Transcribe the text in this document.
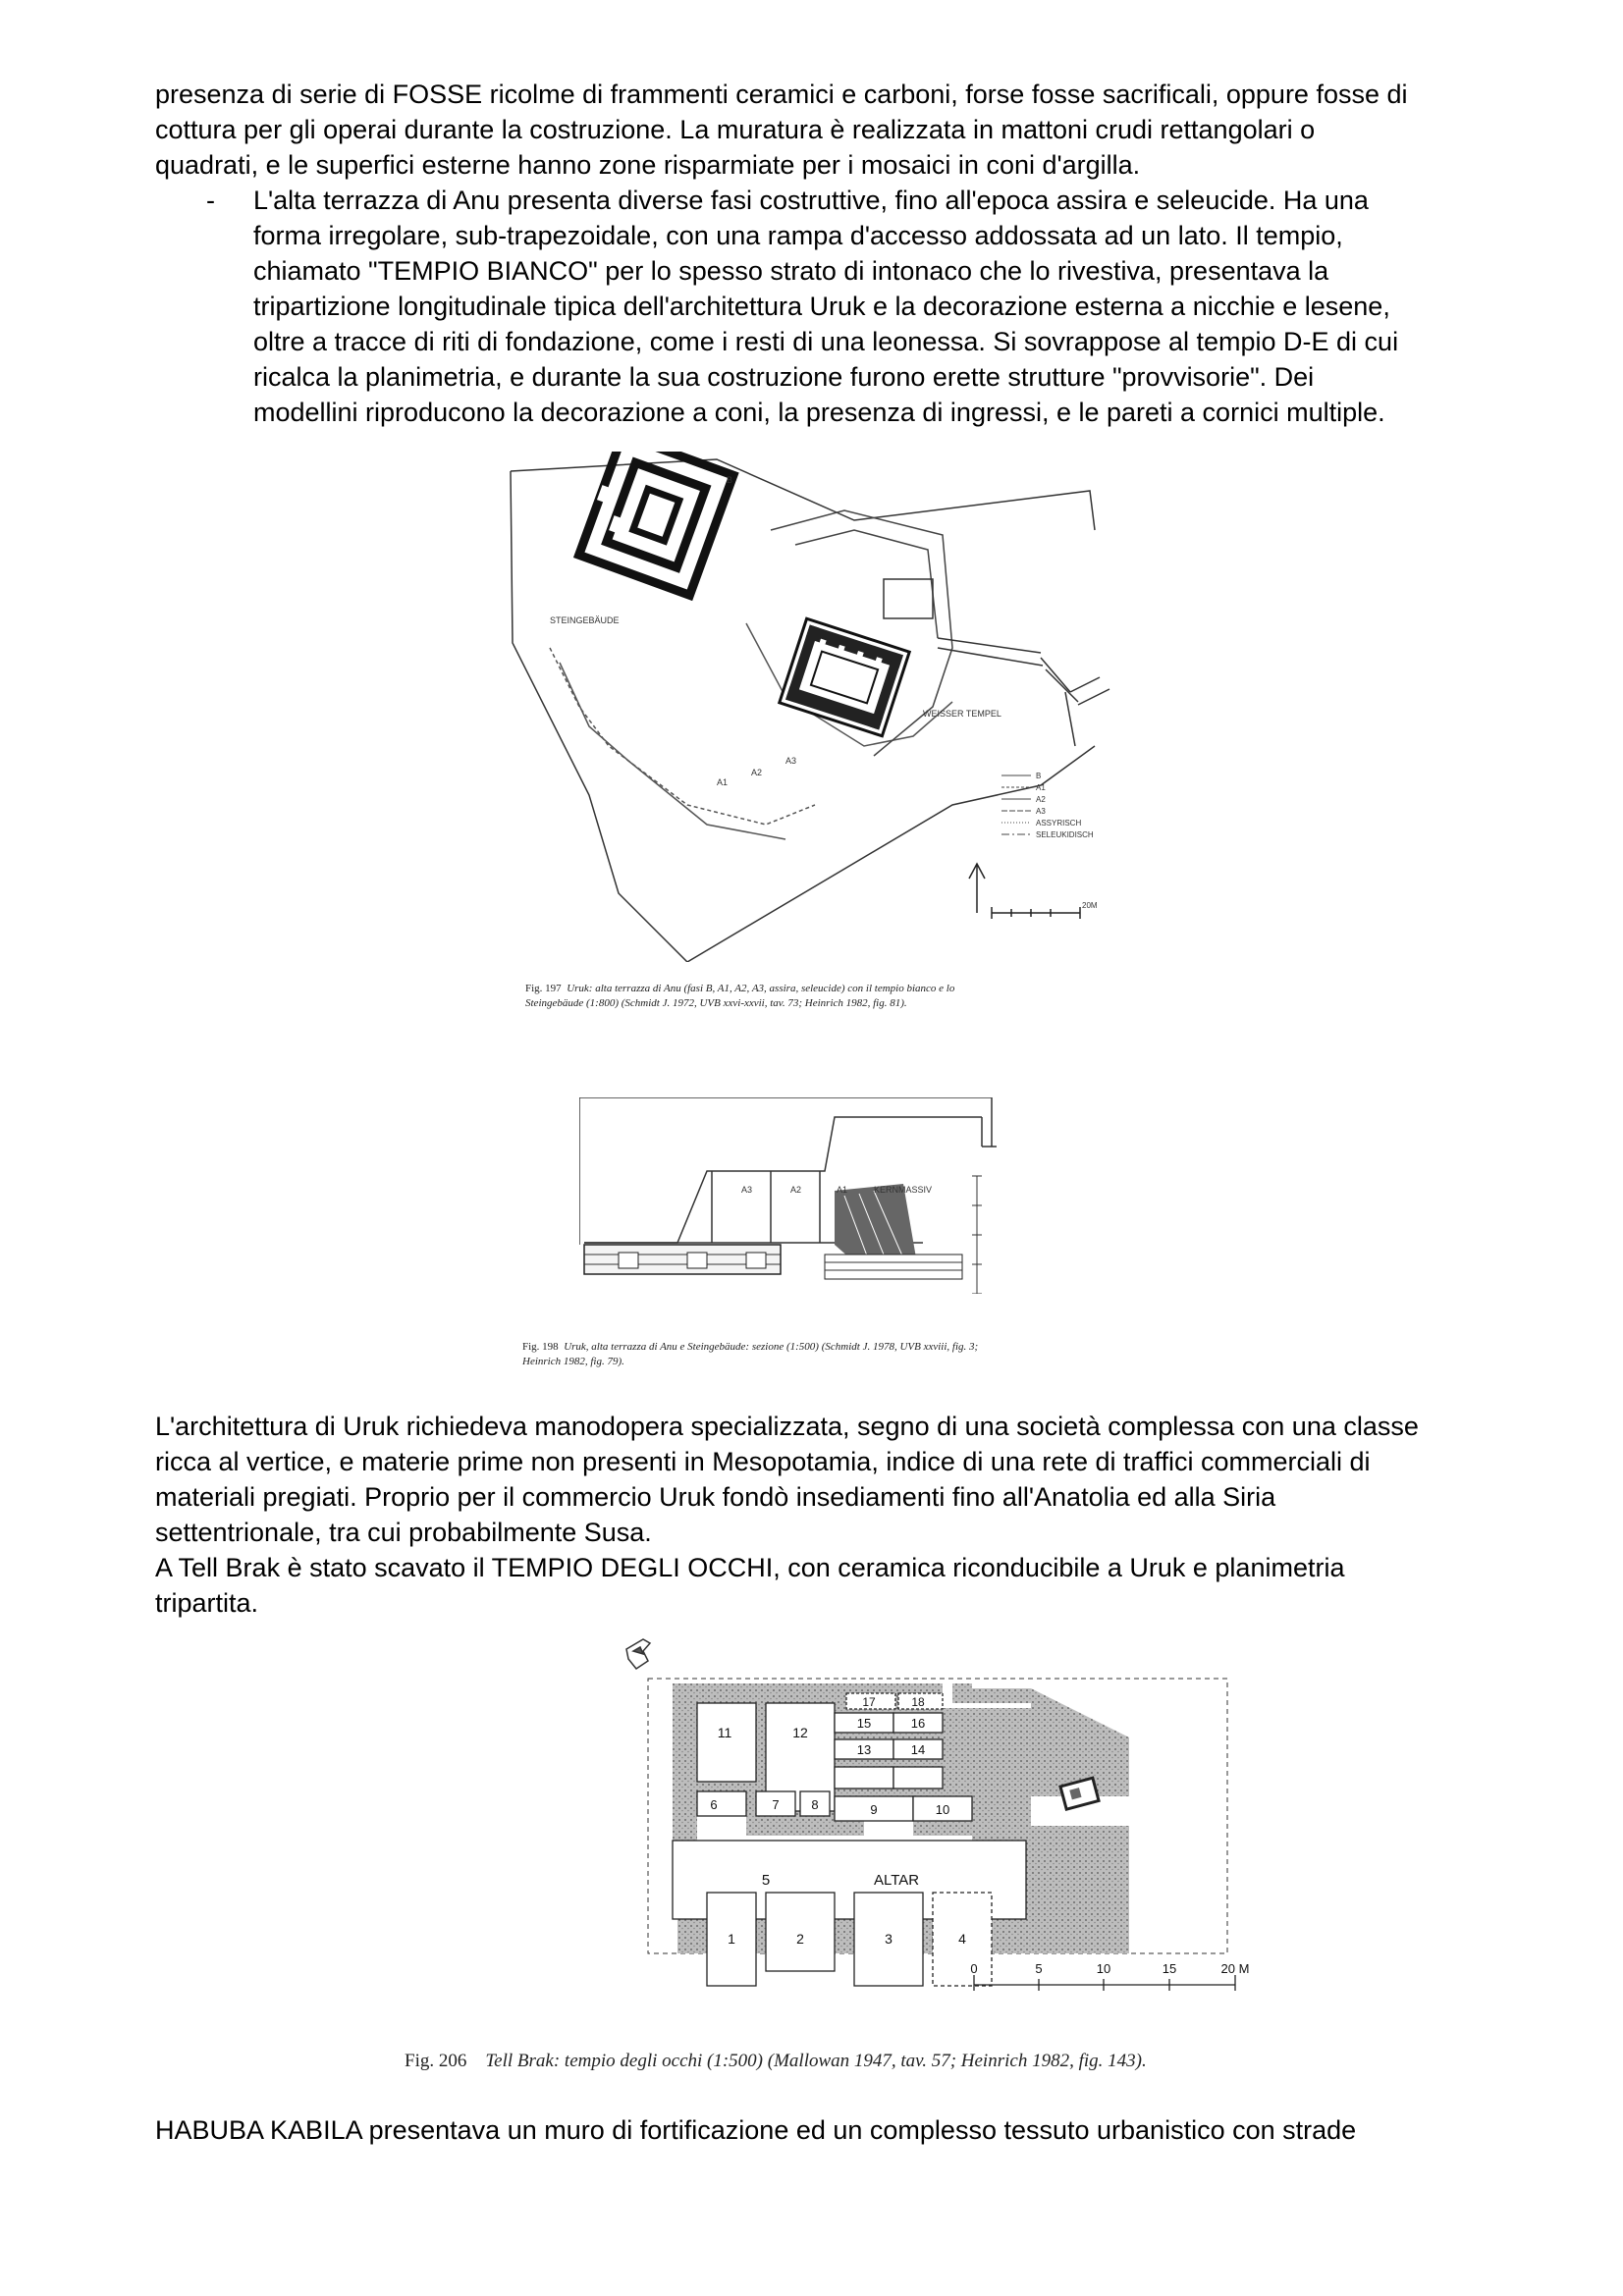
presenza di serie di FOSSE ricolme di frammenti ceramici e carboni, forse fosse sacrificali, oppure fosse di
cottura per gli operai durante la costruzione. La muratura è realizzata in mattoni crudi rettangolari o
quadrati, e le superfici esterne hanno zone risparmiate per i mosaici in coni d'argilla.
- L'alta terrazza di Anu presenta diverse fasi costruttive, fino all'epoca assira e seleucide. Ha una
forma irregolare, sub-trapezoidale, con una rampa d'accesso addossata ad un lato. Il tempio,
chiamato "TEMPIO BIANCO" per lo spesso strato di intonaco che lo rivestiva, presentava la
tripartizione longitudinale tipica dell'architettura Uruk e la decorazione esterna a nicchie e lesene,
oltre a tracce di riti di fondazione, come i resti di una leonessa. Si sovrappose al tempio D-E di cui
ricalca la planimetria, e durante la sua costruzione furono erette strutture "provvisorie". Dei
modellini riproducono la decorazione a coni, la presenza di ingressi, e le pareti a cornici multiple.
B
A1
A2
A3
ASSYRISCH
SELEUKIDISCH
STEINGEBÄUDE
WEISSER TEMPEL
A1
A2
A3
B
20M
Fig. 197 Uruk: alta terrazza di Anu (fasi B, A1, A2, A3, assira, seleucide) con il tempio bianco e lo
Steingebäude (1:800) (Schmidt J. 1972, UVB xxvi-xxvii, tav. 73; Heinrich 1982, fig. 81).
A3	A2	A1	KERNMASSIV
Fig. 198 Uruk, alta terrazza di Anu e Steingebäude: sezione (1:500) (Schmidt J. 1978, UVB xxviii, fig. 3;
Heinrich 1982, fig. 79).
L'architettura di Uruk richiedeva manodopera specializzata, segno di una società complessa con una classe
ricca al vertice, e materie prime non presenti in Mesopotamia, indice di una rete di traffici commerciali di
materiali pregiati. Proprio per il commercio Uruk fondò insediamenti fino all'Anatolia ed alla Siria
settentrionale, tra cui probabilmente Susa.
A Tell Brak è stato scavato il TEMPIO DEGLI OCCHI, con ceramica riconducibile a Uruk e planimetria
tripartita.
11	12
17	18
15	16
13	14
6	7	8	9	10
5	ALTAR
1	2	3	4
0	5	10	15	20 M
Fig. 206 Tell Brak: tempio degli occhi (1:500) (Mallowan 1947, tav. 57; Heinrich 1982, fig. 143).
HABUBA KABILA presentava un muro di fortificazione ed un complesso tessuto urbanistico con strade
